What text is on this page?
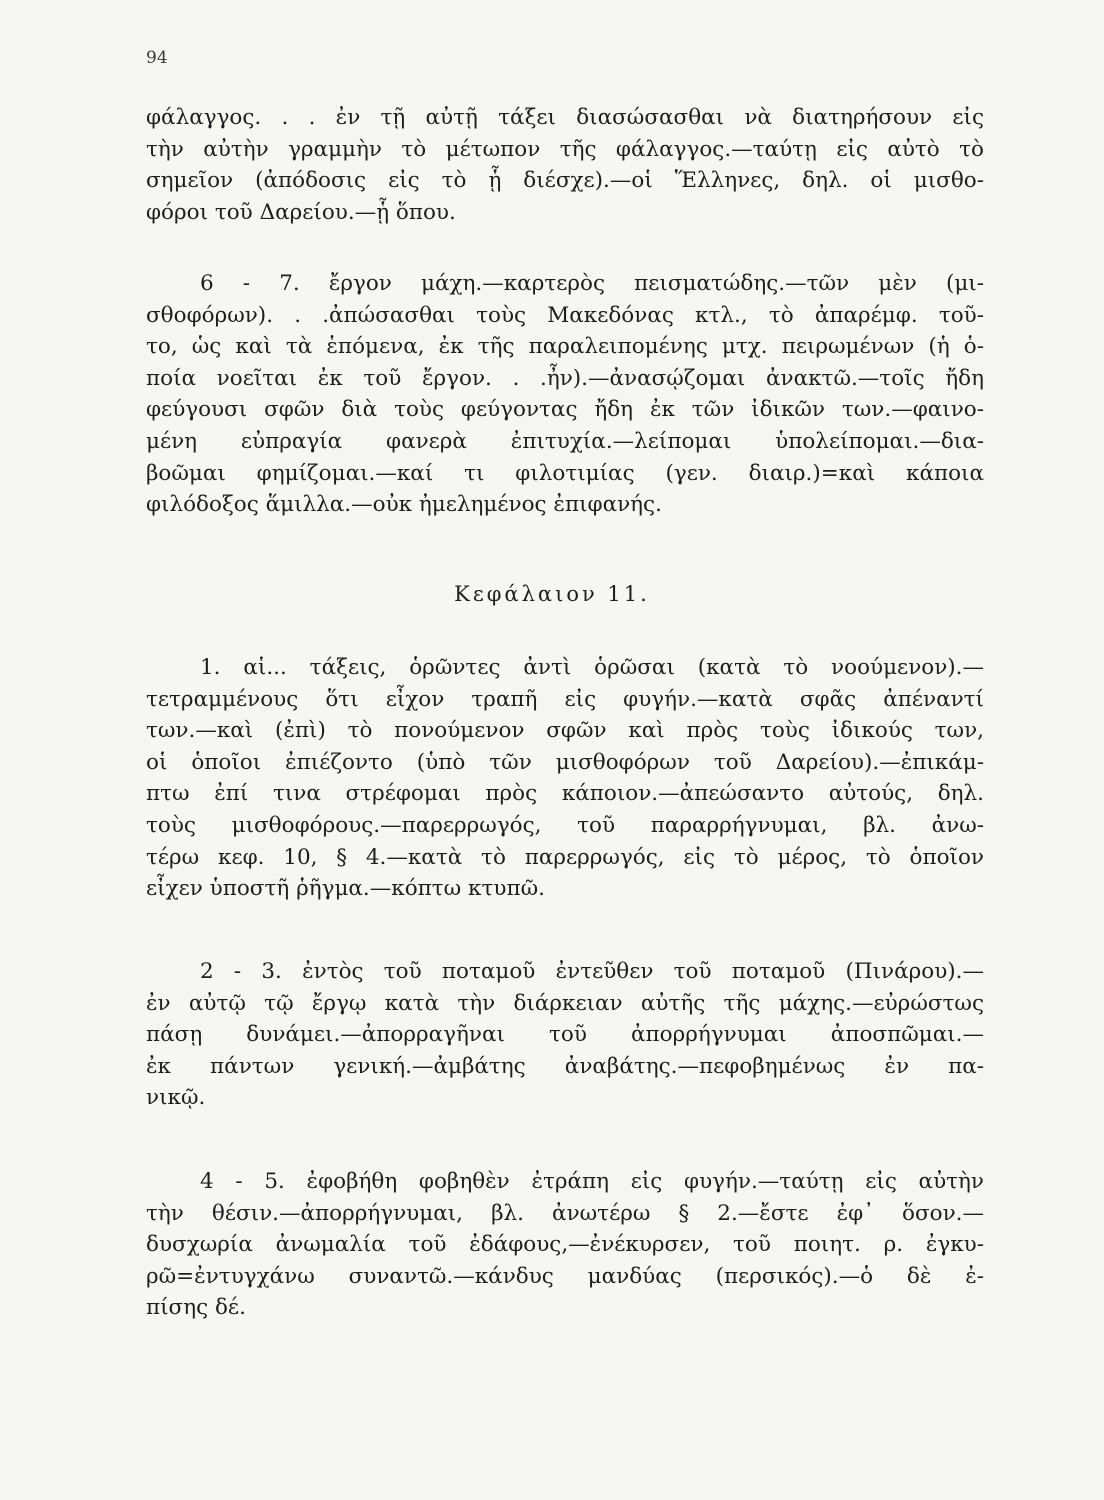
94
φάλαγγος. . . ἐν τῇ αὐτῇ τάξει διασώσασθαι νὰ διατηρήσουν εἰς
τὴν αὐτὴν γραμμὴν τὸ μέτωπον τῆς φάλαγγος.—ταύτῃ εἰς αὐτὸ τὸ
σημεῖον (ἀπόδοσις εἰς τὸ ᾗ διέσχε).—οἱ Ἕλληνες, δηλ. οἱ μισθο-
φόροι τοῦ Δαρείου.—ᾗ ὅπου.
6 - 7. ἔργον μάχη.—καρτερὸς πεισματώδης.—τῶν μὲν (μι-
σθοφόρων). . .ἀπώσασθαι τοὺς Μακεδόνας κτλ., τὸ ἀπαρέμφ. τοῦ-
το, ὡς καὶ τὰ ἑπόμενα, ἐκ τῆς παραλειπομένης μτχ. πειρωμένων (ἡ ὁ-
ποία νοεῖται ἐκ τοῦ ἔργον. . .ἦν).—ἀνασῴζομαι ἀνακτῶ.—τοῖς ἤδη
φεύγουσι σφῶν διὰ τοὺς φεύγοντας ἤδη ἐκ τῶν ἰδικῶν των.—φαινο-
μένη εὐπραγία φανερὰ ἐπιτυχία.—λείπομαι ὑπολείπομαι.—δια-
βοῶμαι φημίζομαι.—καί τι φιλοτιμίας (γεν. διαιρ.)=καὶ κάποια
φιλόδοξος ἅμιλλα.—οὐκ ἠμελημένος ἐπιφανής.
Κεφάλαιον 11.
1. αἱ... τάξεις, ὁρῶντες ἀντὶ ὁρῶσαι (κατὰ τὸ νοούμενον).—
τετραμμένους ὅτι εἶχον τραπῆ εἰς φυγήν.—κατὰ σφᾶς ἀπέναντί
των.—καὶ (ἐπὶ) τὸ πονούμενον σφῶν καὶ πρὸς τοὺς ἰδικούς των,
οἱ ὁποῖοι ἐπιέζοντο (ὑπὸ τῶν μισθοφόρων τοῦ Δαρείου).—ἐπικάμ-
πτω ἐπί τινα στρέφομαι πρὸς κάποιον.—ἀπεώσαντο αὐτούς, δηλ.
τοὺς μισθοφόρους.—παρερρωγός, τοῦ παραρρήγνυμαι, βλ. ἀνω-
τέρω κεφ. 10, § 4.—κατὰ τὸ παρερρωγός, εἰς τὸ μέρος, τὸ ὁποῖον
εἶχεν ὑποστῆ ῥῆγμα.—κόπτω κτυπῶ.
2 - 3. ἐντὸς τοῦ ποταμοῦ ἐντεῦθεν τοῦ ποταμοῦ (Πινάρου).—
ἐν αὐτῷ τῷ ἔργῳ κατὰ τὴν διάρκειαν αὐτῆς τῆς μάχης.—εὐρώστως
πάσῃ δυνάμει.—ἀπορραγῆναι τοῦ ἀπορρήγνυμαι ἀποσπῶμαι.—
ἐκ πάντων γενική.—ἀμβάτης ἀναβάτης.—πεφοβημένως ἐν πα-
νικῷ.
4 - 5. ἐφοβήθη φοβηθὲν ἐτράπη εἰς φυγήν.—ταύτῃ εἰς αὐτὴν
τὴν θέσιν.—ἀπορρήγνυμαι, βλ. ἀνωτέρω § 2.—ἔστε ἐφ᾽ ὅσον.—
δυσχωρία ἀνωμαλία τοῦ ἐδάφους,—ἐνέκυρσεν, τοῦ ποιητ. ρ. ἐγκυ-
ρῶ=ἐντυγχάνω συναντῶ.—κάνδυς μανδύας (περσικός).—ὁ δὲ ἐ-
πίσης δέ.
